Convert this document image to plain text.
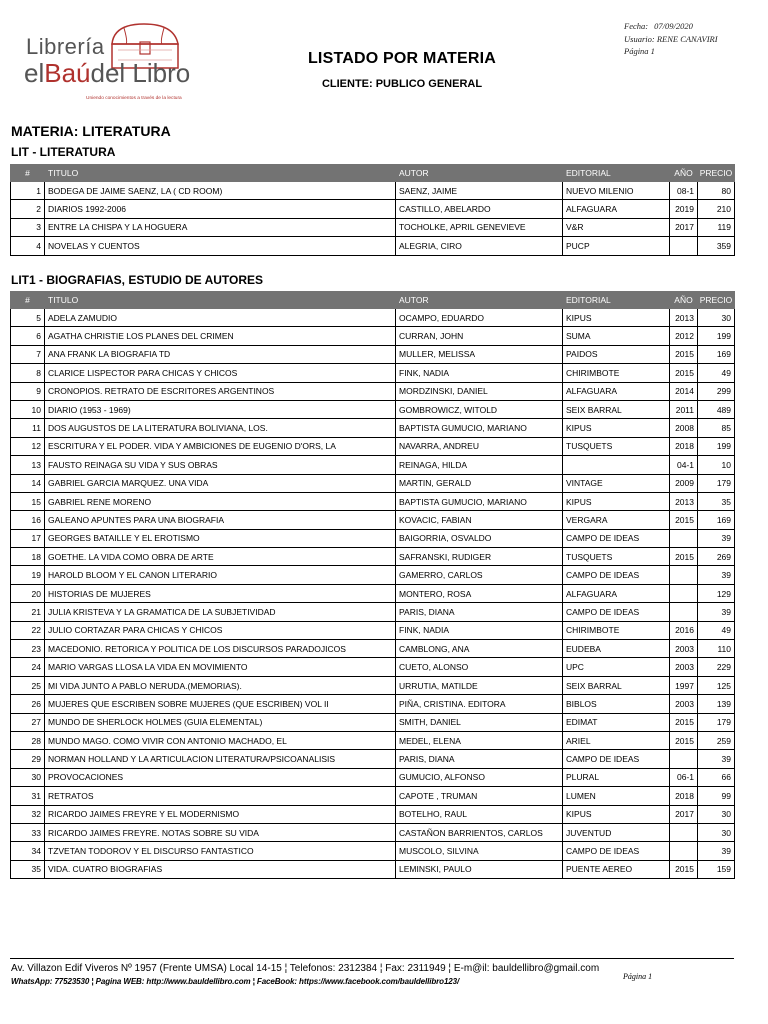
Librería
elBaúdel Libro
Uniendo conocimientos a través de la lectura
Fecha: 07/09/2020
Usuario: RENE CANAVIRI
Página 1
LISTADO POR MATERIA
CLIENTE: PUBLICO GENERAL
MATERIA: LITERATURA
LIT - LITERATURA
#	TITULO	AUTOR	EDITORIAL	AÑO	PRECIO
1	BODEGA DE JAIME SAENZ, LA ( CD ROOM)	SAENZ, JAIME	NUEVO MILENIO	08-1	80
2	DIARIOS 1992-2006	CASTILLO, ABELARDO	ALFAGUARA	2019	210
3	ENTRE LA CHISPA Y LA HOGUERA	TOCHOLKE, APRIL GENEVIEVE	V&R	2017	119
4	NOVELAS Y CUENTOS	ALEGRIA, CIRO	PUCP		359
LIT1 - BIOGRAFIAS, ESTUDIO DE AUTORES
#	TITULO	AUTOR	EDITORIAL	AÑO	PRECIO
5	ADELA ZAMUDIO	OCAMPO, EDUARDO	KIPUS	2013	30
6	AGATHA CHRISTIE LOS PLANES DEL CRIMEN	CURRAN, JOHN	SUMA	2012	199
7	ANA FRANK LA BIOGRAFIA TD	MULLER, MELISSA	PAIDOS	2015	169
8	CLARICE LISPECTOR PARA CHICAS Y CHICOS	FINK, NADIA	CHIRIMBOTE	2015	49
9	CRONOPIOS. RETRATO DE ESCRITORES ARGENTINOS	MORDZINSKI, DANIEL	ALFAGUARA	2014	299
10	DIARIO (1953 - 1969)	GOMBROWICZ, WITOLD	SEIX BARRAL	2011	489
11	DOS AUGUSTOS DE LA LITERATURA BOLIVIANA, LOS.	BAPTISTA GUMUCIO, MARIANO	KIPUS	2008	85
12	ESCRITURA Y EL PODER. VIDA Y AMBICIONES DE EUGENIO D'ORS, LA	NAVARRA, ANDREU	TUSQUETS	2018	199
13	FAUSTO REINAGA SU VIDA Y SUS OBRAS	REINAGA, HILDA		04-1	10
14	GABRIEL GARCIA MARQUEZ. UNA VIDA	MARTIN, GERALD	VINTAGE	2009	179
15	GABRIEL RENE MORENO	BAPTISTA GUMUCIO, MARIANO	KIPUS	2013	35
16	GALEANO APUNTES PARA UNA BIOGRAFIA	KOVACIC, FABIAN	VERGARA	2015	169
17	GEORGES BATAILLE Y EL EROTISMO	BAIGORRIA, OSVALDO	CAMPO DE IDEAS		39
18	GOETHE. LA VIDA COMO OBRA DE ARTE	SAFRANSKI, RUDIGER	TUSQUETS	2015	269
19	HAROLD BLOOM Y EL CANON LITERARIO	GAMERRO, CARLOS	CAMPO DE IDEAS		39
20	HISTORIAS DE MUJERES	MONTERO, ROSA	ALFAGUARA		129
21	JULIA KRISTEVA Y LA GRAMATICA DE LA SUBJETIVIDAD	PARIS, DIANA	CAMPO DE IDEAS		39
22	JULIO CORTAZAR PARA CHICAS Y CHICOS	FINK, NADIA	CHIRIMBOTE	2016	49
23	MACEDONIO. RETORICA Y POLITICA DE LOS DISCURSOS PARADOJICOS	CAMBLONG, ANA	EUDEBA	2003	110
24	MARIO VARGAS LLOSA LA VIDA EN MOVIMIENTO	CUETO, ALONSO	UPC	2003	229
25	MI VIDA JUNTO A PABLO NERUDA.(MEMORIAS).	URRUTIA, MATILDE	SEIX BARRAL	1997	125
26	MUJERES QUE ESCRIBEN SOBRE MUJERES (QUE ESCRIBEN) VOL II	PIÑA, CRISTINA. EDITORA	BIBLOS	2003	139
27	MUNDO DE SHERLOCK HOLMES (GUIA ELEMENTAL)	SMITH, DANIEL	EDIMAT	2015	179
28	MUNDO MAGO. COMO VIVIR CON ANTONIO MACHADO, EL	MEDEL, ELENA	ARIEL	2015	259
29	NORMAN HOLLAND Y LA ARTICULACION LITERATURA/PSICOANALISIS	PARIS, DIANA	CAMPO DE IDEAS		39
30	PROVOCACIONES	GUMUCIO, ALFONSO	PLURAL	06-1	66
31	RETRATOS	CAPOTE , TRUMAN	LUMEN	2018	99
32	RICARDO JAIMES FREYRE Y EL MODERNISMO	BOTELHO, RAUL	KIPUS	2017	30
33	RICARDO JAIMES FREYRE. NOTAS SOBRE SU VIDA	CASTAÑON BARRIENTOS, CARLOS	JUVENTUD		30
34	TZVETAN TODOROV Y EL DISCURSO FANTASTICO	MUSCOLO, SILVINA	CAMPO DE IDEAS		39
35	VIDA. CUATRO BIOGRAFIAS	LEMINSKI, PAULO	PUENTE AEREO	2015	159
Av. Villazon Edif Viveros Nº 1957 (Frente UMSA) Local 14-15 ¦ Telefonos: 2312384 ¦ Fax: 2311949 ¦ E-m@il: bauldellibro@gmail.com
WhatsApp: 77523530 ¦ Pagina WEB: http://www.bauldellibro.com ¦ FaceBook: https://www.facebook.com/bauldellibro123/
Página 1
